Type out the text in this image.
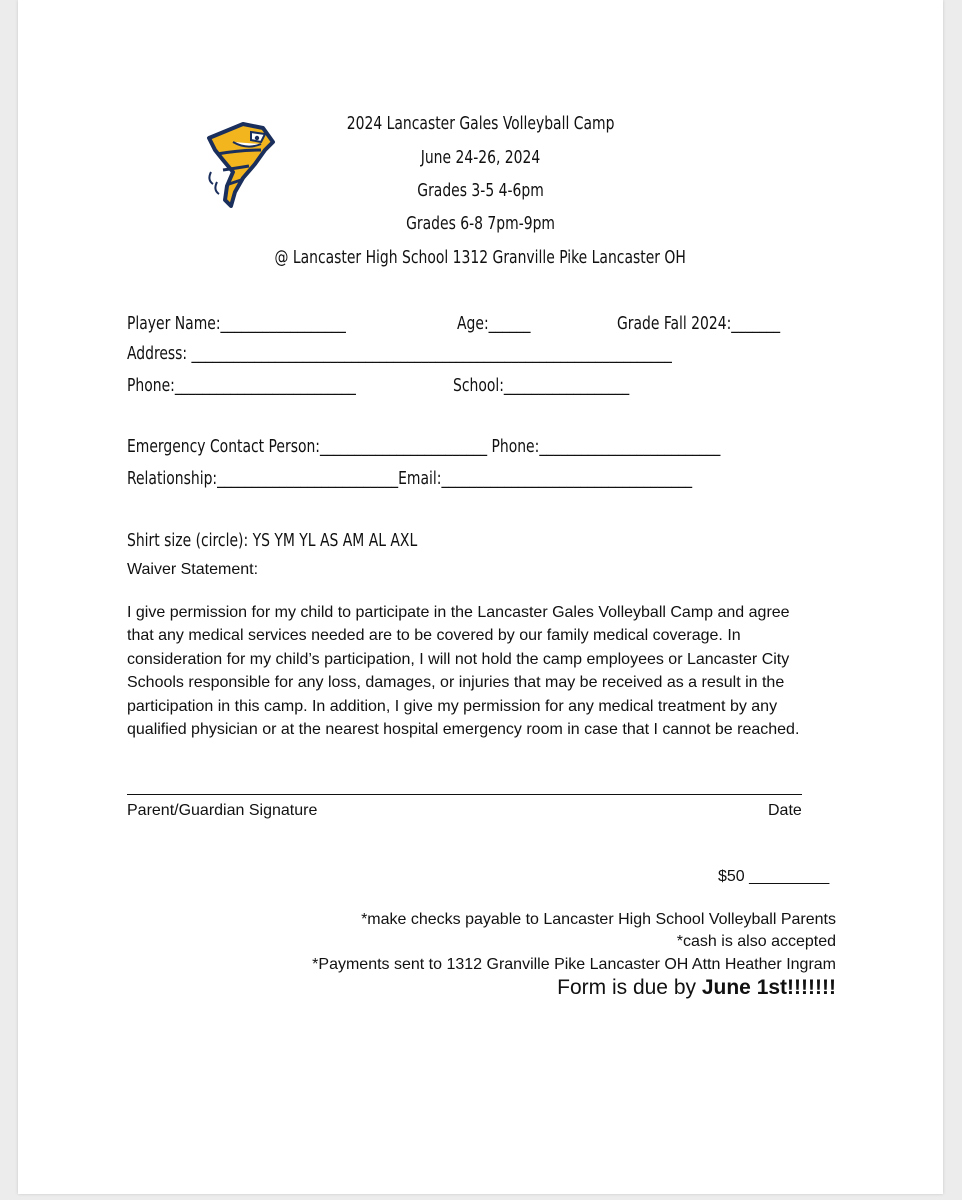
2024 Lancaster Gales Volleyball Camp
June 24-26, 2024
Grades 3-5 4-6pm
Grades 6-8 7pm-9pm
@ Lancaster High School 1312 Granville Pike Lancaster OH
Player Name:__________________	Age:______	Grade Fall 2024:_______
Address: _____________________________________________________________________
Phone:__________________________	School:__________________
Emergency Contact Person:________________________ Phone:__________________________
Relationship:__________________________Email:____________________________________
Shirt size (circle): YS YM YL AS AM AL AXL
Waiver Statement:
I give permission for my child to participate in the Lancaster Gales Volleyball Camp and agree
that any medical services needed are to be covered by our family medical coverage. In
consideration for my child’s participation, I will not hold the camp employees or Lancaster City
Schools responsible for any loss, damages, or injuries that may be received as a result in the
participation in this camp. In addition, I give my permission for any medical treatment by any
qualified physician or at the nearest hospital emergency room in case that I cannot be reached.
Parent/Guardian Signature	Date
$50 _________
*make checks payable to Lancaster High School Volleyball Parents
*cash is also accepted
*Payments sent to 1312 Granville Pike Lancaster OH Attn Heather Ingram
Form is due by June 1st!!!!!!!
